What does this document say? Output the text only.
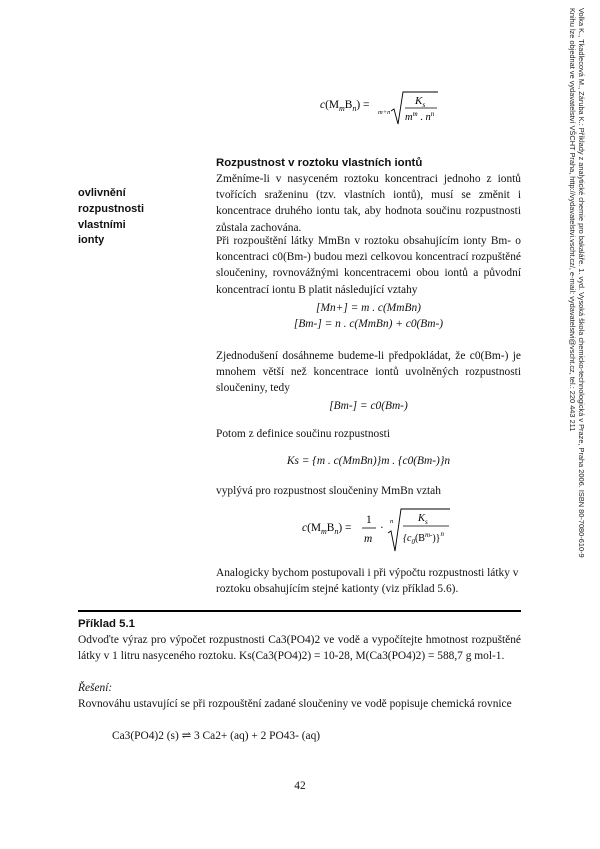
Volka K., Tkadlecová M., Záruba K.: Příklady z analytické chemie pro bakaláře. 1. vyd. Vysoká škola chemicko-technologická v Praze, Praha 2006. ISBN 80-7080-610-9
Knihu lze objednat ve vydavatelství VŠCHT Praha, http://vydavatelstvi.vscht.cz/, e-mail: vydavatelstvi@vscht.cz, tel.: 220 443 211
$c(M_mB_n)$ =
m+n
$K_s$
$m^m$ . $n^n$
Rozpustnost v roztoku vlastních iontů
ovlivnění
rozpustnosti
vlastními
ionty
Změníme-li v nasyceném roztoku koncentraci jednoho z iontů tvořících sraženinu (tzv. vlastních iontů), musí se změnit i koncentrace druhého iontu tak, aby hodnota součinu rozpustnosti zůstala zachována.
Při rozpouštění látky MmBn v roztoku obsahujícím ionty Bm- o koncentraci c0(Bm-) budou mezi celkovou koncentrací rozpuštěné sloučeniny, rovnovážnými koncentracemi obou iontů a původní koncentrací iontu B platit následující vztahy
[Mn+] = m . c(MmBn)
[Bm-] = n . c(MmBn) + c0(Bm-)
Zjednodušení dosáhneme budeme-li předpokládat, že c0(Bm-) je mnohem větší než koncentrace iontů uvolněných rozpustnosti sloučeniny, tedy
[Bm-] = c0(Bm-)
Potom z definice součinu rozpustnosti
Ks = {m . c(MmBn)}m . {c0(Bm-)}n
vyplývá pro rozpustnost sloučeniny MmBn vztah
$c(M_mB_n)$ =
1
m
·
n $K_s$
$\{c_0(B^{m-})\}^n$
Analogicky bychom postupovali i při výpočtu rozpustnosti látky v roztoku obsahujícím stejné kationty (viz příklad 5.6).
Příklad 5.1
Odvoďte výraz pro výpočet rozpustnosti Ca3(PO4)2 ve vodě a vypočítejte hmotnost rozpuštěné látky v 1 litru nasyceného roztoku. Ks(Ca3(PO4)2) = 10-28, M(Ca3(PO4)2) = 588,7 g mol-1.
Řešení:
Rovnováhu ustavující se při rozpouštění zadané sloučeniny ve vodě popisuje chemická rovnice
Ca3(PO4)2 (s) ⇌ 3 Ca2+ (aq) + 2 PO43- (aq)
42
